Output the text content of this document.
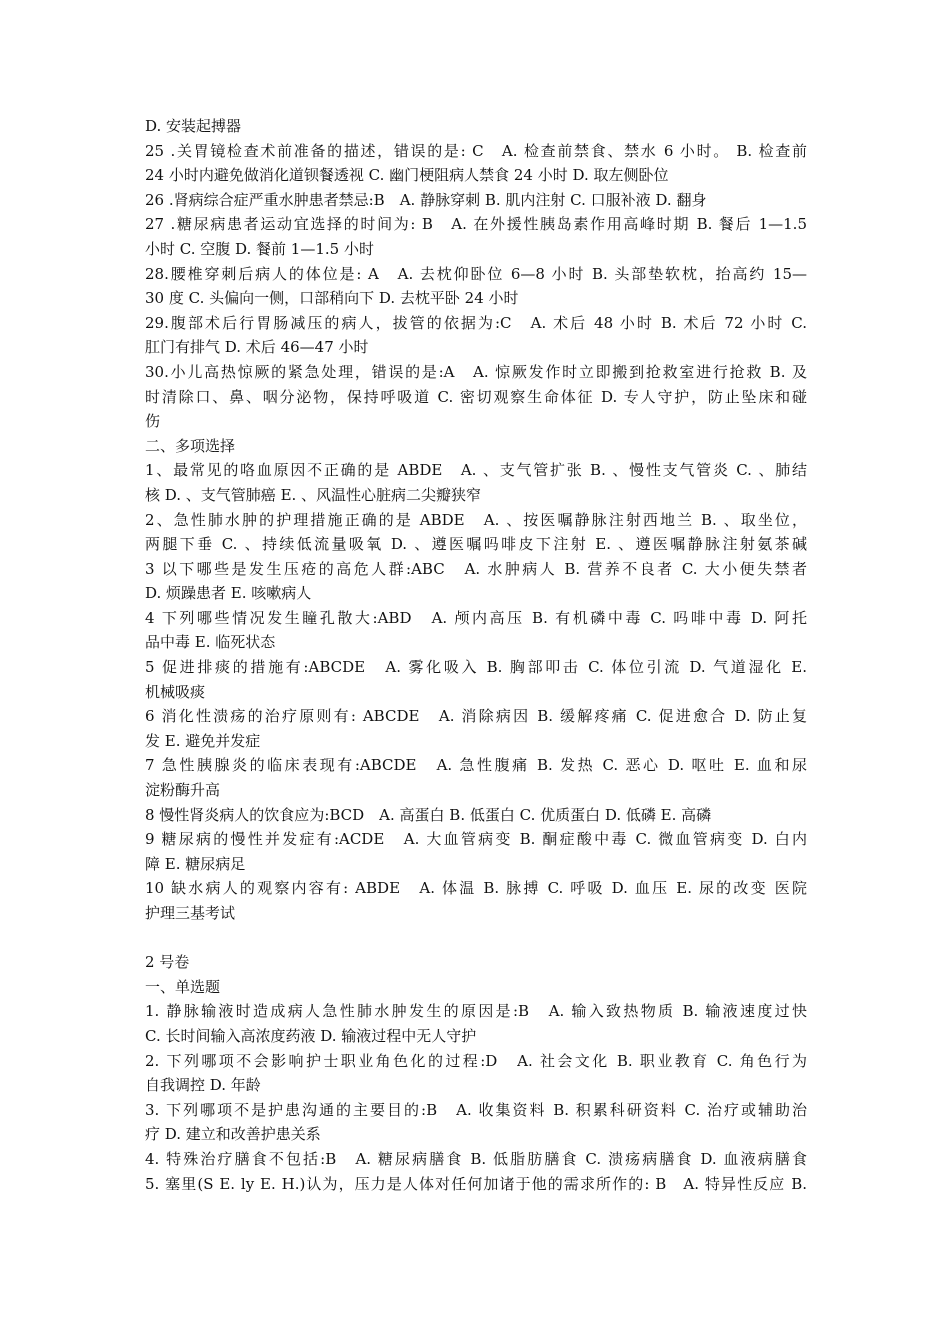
D. 安装起搏器
25 .关胃镜检查术前准备的描述，错误的是: C　A. 检查前禁食、禁水 6 小时。 B. 检查前
24 小时内避免做消化道钡餐透视 C. 幽门梗阻病人禁食 24 小时 D. 取左侧卧位
26 .肾病综合症严重水肿患者禁忌:B　A. 静脉穿刺 B. 肌内注射 C. 口服补液 D. 翻身
27 .糖尿病患者运动宜选择的时间为: B　A. 在外援性胰岛素作用高峰时期 B. 餐后 1—1.5
小时 C. 空腹 D. 餐前 1—1.5 小时
28.腰椎穿刺后病人的体位是: A　A. 去枕仰卧位 6—8 小时 B. 头部垫软枕，抬高约 15—
30 度 C. 头偏向一侧，口部稍向下 D. 去枕平卧 24 小时
29.腹部术后行胃肠减压的病人，拔管的依据为:C　A. 术后 48 小时 B. 术后 72 小时 C.
肛门有排气 D. 术后 46—47 小时
30.小儿高热惊厥的紧急处理，错误的是:A　A. 惊厥发作时立即搬到抢救室进行抢救 B. 及
时清除口、鼻、咽分泌物，保持呼吸道 C. 密切观察生命体征 D. 专人守护，防止坠床和碰
伤
二、多项选择
1、最常见的咯血原因不正确的是 ABDE　A. 、支气管扩张 B. 、慢性支气管炎 C. 、肺结
核 D. 、支气管肺癌 E. 、风温性心脏病二尖瓣狭窄
2、急性肺水肿的护理措施正确的是 ABDE　A. 、按医嘱静脉注射西地兰 B. 、取坐位，
两腿下垂 C. 、持续低流量吸氧 D. 、遵医嘱吗啡皮下注射 E. 、遵医嘱静脉注射氨茶碱
3 以下哪些是发生压疮的高危人群:ABC　A. 水肿病人 B. 营养不良者 C. 大小便失禁者
D. 烦躁患者 E. 咳嗽病人
4 下列哪些情况发生瞳孔散大:ABD　A. 颅内高压 B. 有机磷中毒 C. 吗啡中毒 D. 阿托
品中毒 E. 临死状态
5 促进排痰的措施有:ABCDE　A. 雾化吸入 B. 胸部叩击 C. 体位引流 D. 气道湿化 E.
机械吸痰
6 消化性溃疡的治疗原则有: ABCDE　A. 消除病因 B. 缓解疼痛 C. 促进愈合 D. 防止复
发 E. 避免并发症
7 急性胰腺炎的临床表现有:ABCDE　A. 急性腹痛 B. 发热 C. 恶心 D. 呕吐 E. 血和尿
淀粉酶升高
8 慢性肾炎病人的饮食应为:BCD　A. 高蛋白 B. 低蛋白 C. 优质蛋白 D. 低磷 E. 高磷
9 糖尿病的慢性并发症有:ACDE　A. 大血管病变 B. 酮症酸中毒 C. 微血管病变 D. 白内
障 E. 糖尿病足
10 缺水病人的观察内容有: ABDE　A. 体温 B. 脉搏 C. 呼吸 D. 血压 E. 尿的改变 医院
护理三基考试
2 号卷
一、单选题
1. 静脉输液时造成病人急性肺水肿发生的原因是:B　A. 输入致热物质 B. 输液速度过快
C. 长时间输入高浓度药液 D. 输液过程中无人守护
2. 下列哪项不会影响护士职业角色化的过程:D　A. 社会文化 B. 职业教育 C. 角色行为
自我调控 D. 年龄
3. 下列哪项不是护患沟通的主要目的:B　A. 收集资料 B. 积累科研资料 C. 治疗或辅助治
疗 D. 建立和改善护患关系
4. 特殊治疗膳食不包括:B　A. 糖尿病膳食 B. 低脂肪膳食 C. 溃疡病膳食 D. 血液病膳食
5. 塞里(S E. ly E. H.)认为，压力是人体对任何加诸于他的需求所作的: B　A. 特异性反应 B.
